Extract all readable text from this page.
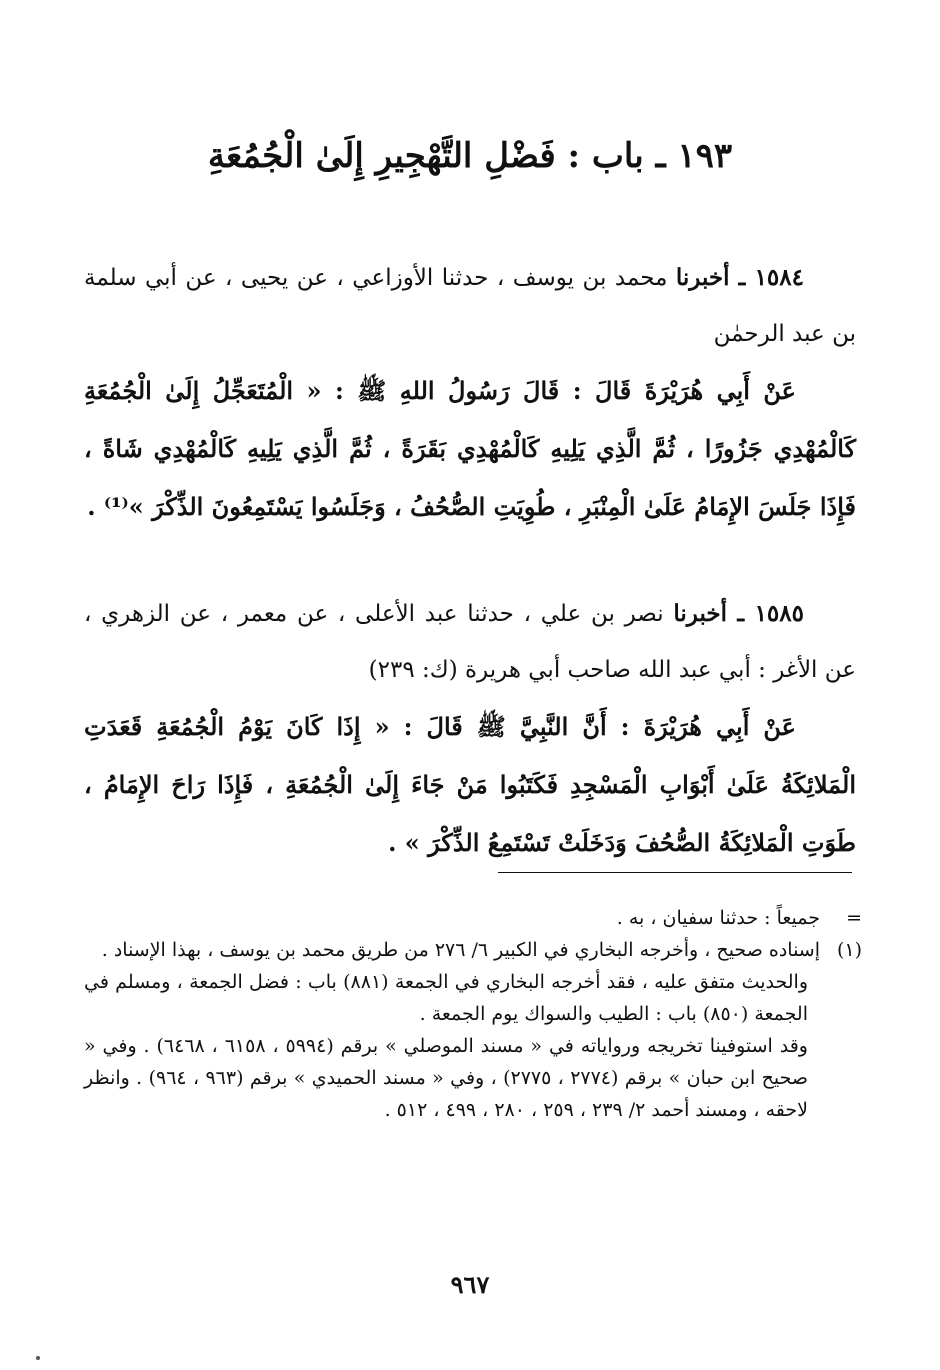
١٩٣ ـ باب : فَضْلِ التَّهْجِيرِ إِلَىٰ الْجُمُعَةِ

١٥٨٤ ـ أخبرنا محمد بن يوسف ، حدثنا الأوزاعي ، عن يحيى ، عن أبي سلمة بن عبد الرحمٰن

عَنْ أَبِي هُرَيْرَةَ قَالَ : قَالَ رَسُولُ اللهِ ﷺ : « الْمُتَعَجِّلُ إِلَىٰ الْجُمُعَةِ كَالْمُهْدِي جَزُورًا ، ثُمَّ الَّذِي يَلِيهِ كَالْمُهْدِي بَقَرَةً ، ثُمَّ الَّذِي يَلِيهِ كَالْمُهْدِي شَاةً ، فَإِذَا جَلَسَ الإِمَامُ عَلَىٰ الْمِنْبَرِ ، طُوِيَتِ الصُّحُفُ ، وَجَلَسُوا يَسْتَمِعُونَ الذِّكْرَ »⁽¹⁾ .

١٥٨٥ ـ أخبرنا نصر بن علي ، حدثنا عبد الأعلى ، عن معمر ، عن الزهري ، عن الأغر : أبي عبد الله صاحب أبي هريرة (ك: ٢٣٩)

عَنْ أَبِي هُرَيْرَةَ : أَنَّ النَّبِيَّ ﷺ قَالَ : « إِذَا كَانَ يَوْمُ الْجُمُعَةِ قَعَدَتِ الْمَلائِكَةُ عَلَىٰ أَبْوَابِ الْمَسْجِدِ فَكَتَبُوا مَنْ جَاءَ إِلَىٰ الْجُمُعَةِ ، فَإِذَا رَاحَ الإِمَامُ ، طَوَتِ الْمَلائِكَةُ الصُّحُفَ وَدَخَلَتْ تَسْتَمِعُ الذِّكْرَ » .

=
جميعاً : حدثنا سفيان ، به .
(١)
إسناده صحيح ، وأخرجه البخاري في الكبير ٦/ ٢٧٦ من طريق محمد بن يوسف ، بهذا الإسناد .

والحديث متفق عليه ، فقد أخرجه البخاري في الجمعة (٨٨١) باب : فضل الجمعة ، ومسلم في الجمعة (٨٥٠) باب : الطيب والسواك يوم الجمعة .

وقد استوفينا تخريجه ورواياته في « مسند الموصلي » برقم (٥٩٩٤ ، ٦١٥٨ ، ٦٤٦٨) . وفي « صحيح ابن حبان » برقم (٢٧٧٤ ، ٢٧٧٥) ، وفي « مسند الحميدي » برقم (٩٦٣ ، ٩٦٤) . وانظر لاحقه ، ومسند أحمد ٢/ ٢٣٩ ، ٢٥٩ ، ٢٨٠ ، ٤٩٩ ، ٥١٢ .

٩٦٧
